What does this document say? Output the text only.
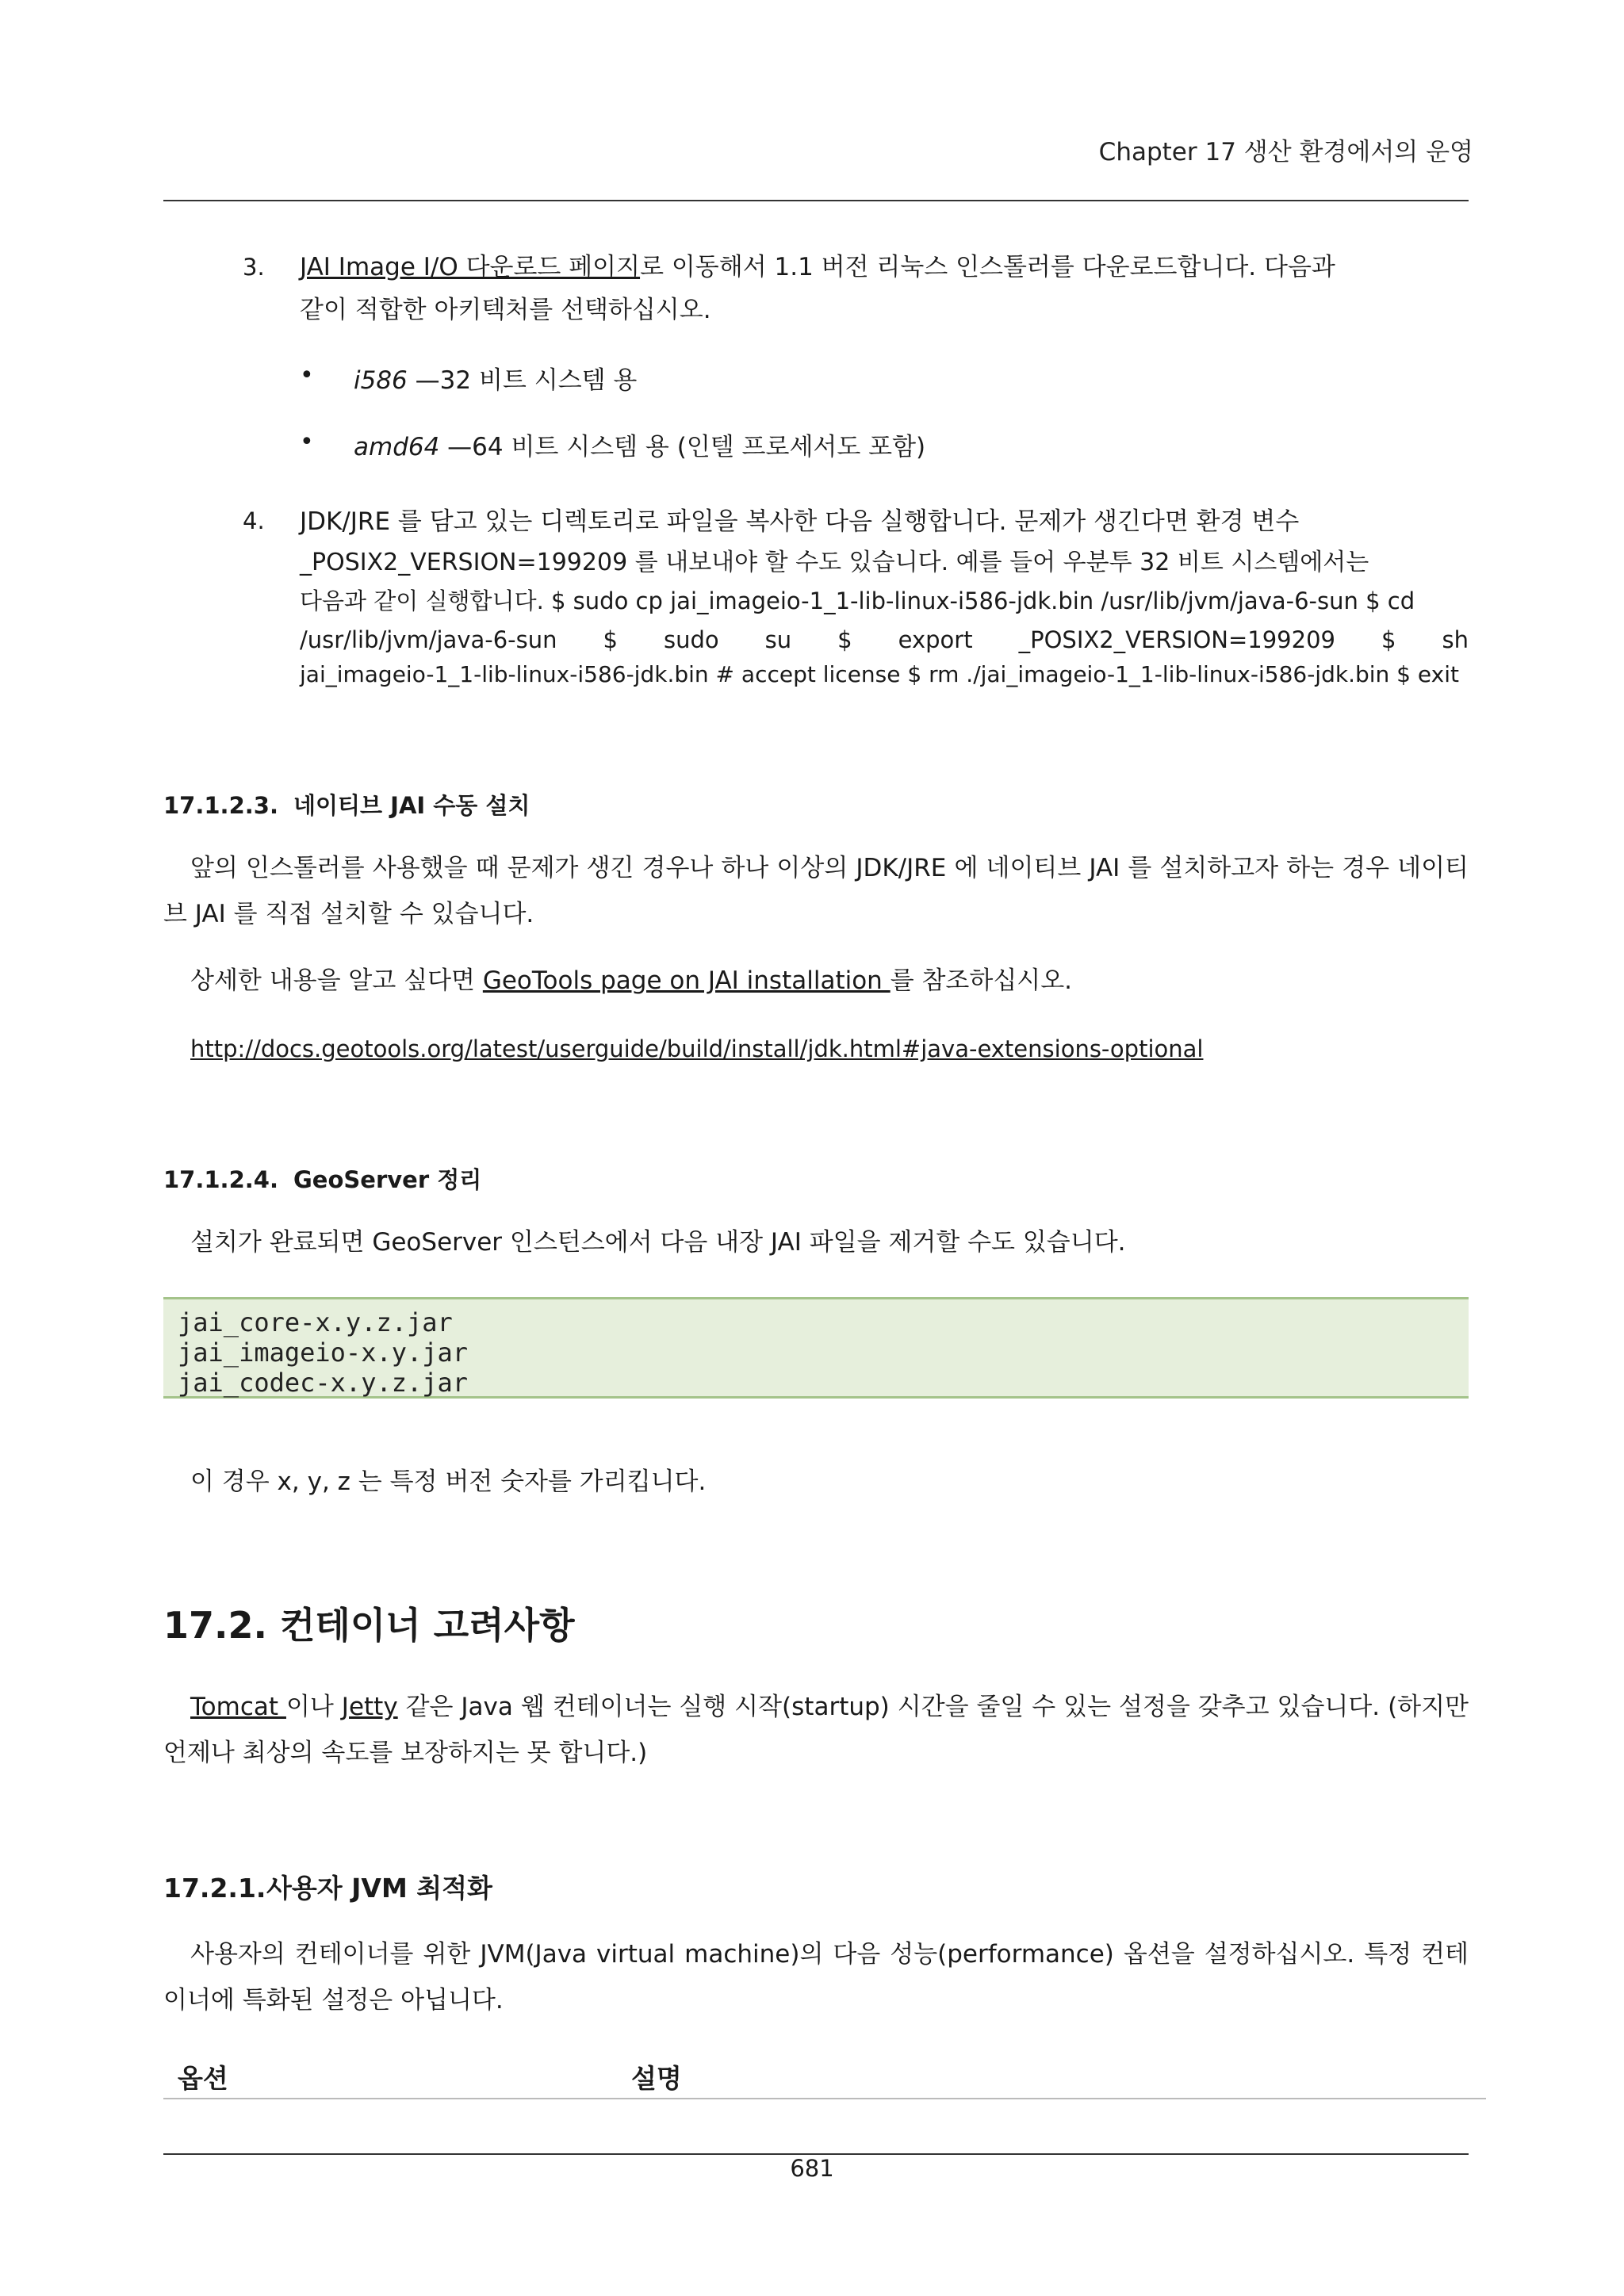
Chapter 17 생산 환경에서의 운영
3. JAI Image I/O 다운로드 페이지로 이동해서 1.1 버전 리눅스 인스톨러를 다운로드합니다. 다음과
같이 적합한 아키텍처를 선택하십시오.
• i586 —32 비트 시스템 용
• amd64 —64 비트 시스템 용 (인텔 프로세서도 포함)
4. JDK/JRE 를 담고 있는 디렉토리로 파일을 복사한 다음 실행합니다. 문제가 생긴다면 환경 변수
_POSIX2_VERSION=199209 를 내보내야 할 수도 있습니다. 예를 들어 우분투 32 비트 시스템에서는
다음과 같이 실행합니다. $ sudo cp jai_imageio-1_1-lib-linux-i586-jdk.bin /usr/lib/jvm/java-6-sun $ cd
/usr/lib/jvm/java-6-sun $ sudo su $ export _POSIX2_VERSION=199209 $ sh
jai_imageio-1_1-lib-linux-i586-jdk.bin # accept license $ rm ./jai_imageio-1_1-lib-linux-i586-jdk.bin $ exit
17.1.2.3. 네이티브 JAI 수동 설치
앞의 인스톨러를 사용했을 때 문제가 생긴 경우나 하나 이상의 JDK/JRE 에 네이티브 JAI 를 설치하고자 하는 경우 네이티브 JAI 를 직접 설치할 수 있습니다.
상세한 내용을 알고 싶다면 GeoTools page on JAI installation 를 참조하십시오.
http://docs.geotools.org/latest/userguide/build/install/jdk.html#java-extensions-optional
17.1.2.4. GeoServer 정리
설치가 완료되면 GeoServer 인스턴스에서 다음 내장 JAI 파일을 제거할 수도 있습니다.
jai_core-x.y.z.jar
jai_imageio-x.y.jar
jai_codec-x.y.z.jar
이 경우 x, y, z 는 특정 버전 숫자를 가리킵니다.
17.2. 컨테이너 고려사항
Tomcat 이나 Jetty 같은 Java 웹 컨테이너는 실행 시작(startup) 시간을 줄일 수 있는 설정을 갖추고 있습니다. (하지만 언제나 최상의 속도를 보장하지는 못 합니다.)
17.2.1.사용자 JVM 최적화
사용자의 컨테이너를 위한 JVM(Java virtual machine)의 다음 성능(performance) 옵션을 설정하십시오. 특정 컨테이너에 특화된 설정은 아닙니다.
옵션	설명
681
